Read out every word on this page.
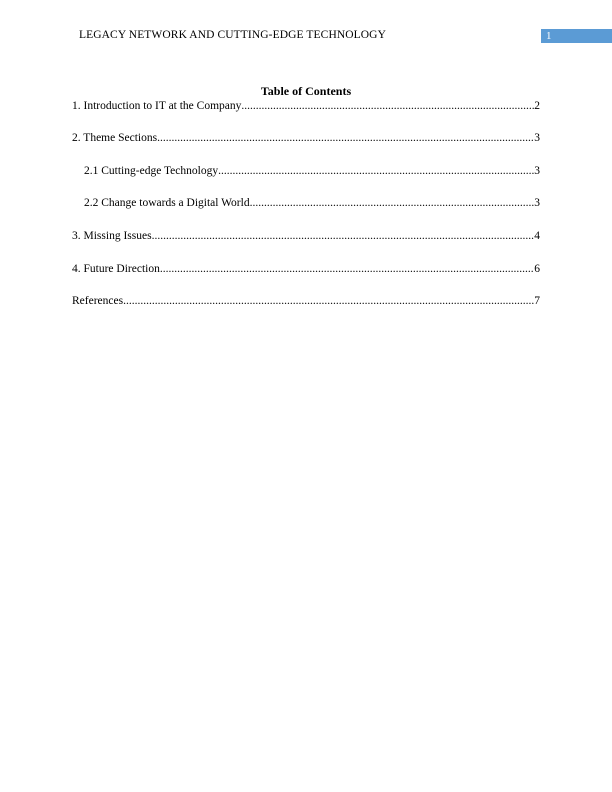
LEGACY NETWORK AND CUTTING-EDGE TECHNOLOGY	1
Table of Contents
1. Introduction to IT at the Company .....	2
2. Theme Sections .....	3
2.1 Cutting-edge Technology .....	3
2.2 Change towards a Digital World .....	3
3. Missing Issues .....	4
4. Future Direction .....	6
References .....	7
